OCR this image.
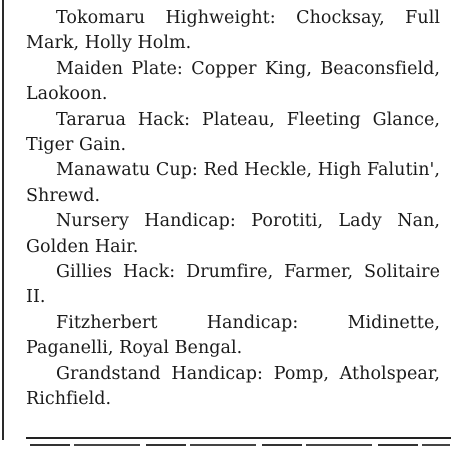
Tokomaru Highweight: Chocksay, Full Mark, Holly Holm.
Maiden Plate: Copper King, Beaconsfield, Laokoon.
Tararua Hack: Plateau, Fleeting Glance, Tiger Gain.
Manawatu Cup: Red Heckle, High Falutin', Shrewd.
Nursery Handicap: Porotiti, Lady Nan, Golden Hair.
Gillies Hack: Drumfire, Farmer, Solitaire II.
Fitzherbert Handicap:	Midinette, Paganelli, Royal Bengal.
Grandstand Handicap: Pomp, Atholspear, Richfield.
